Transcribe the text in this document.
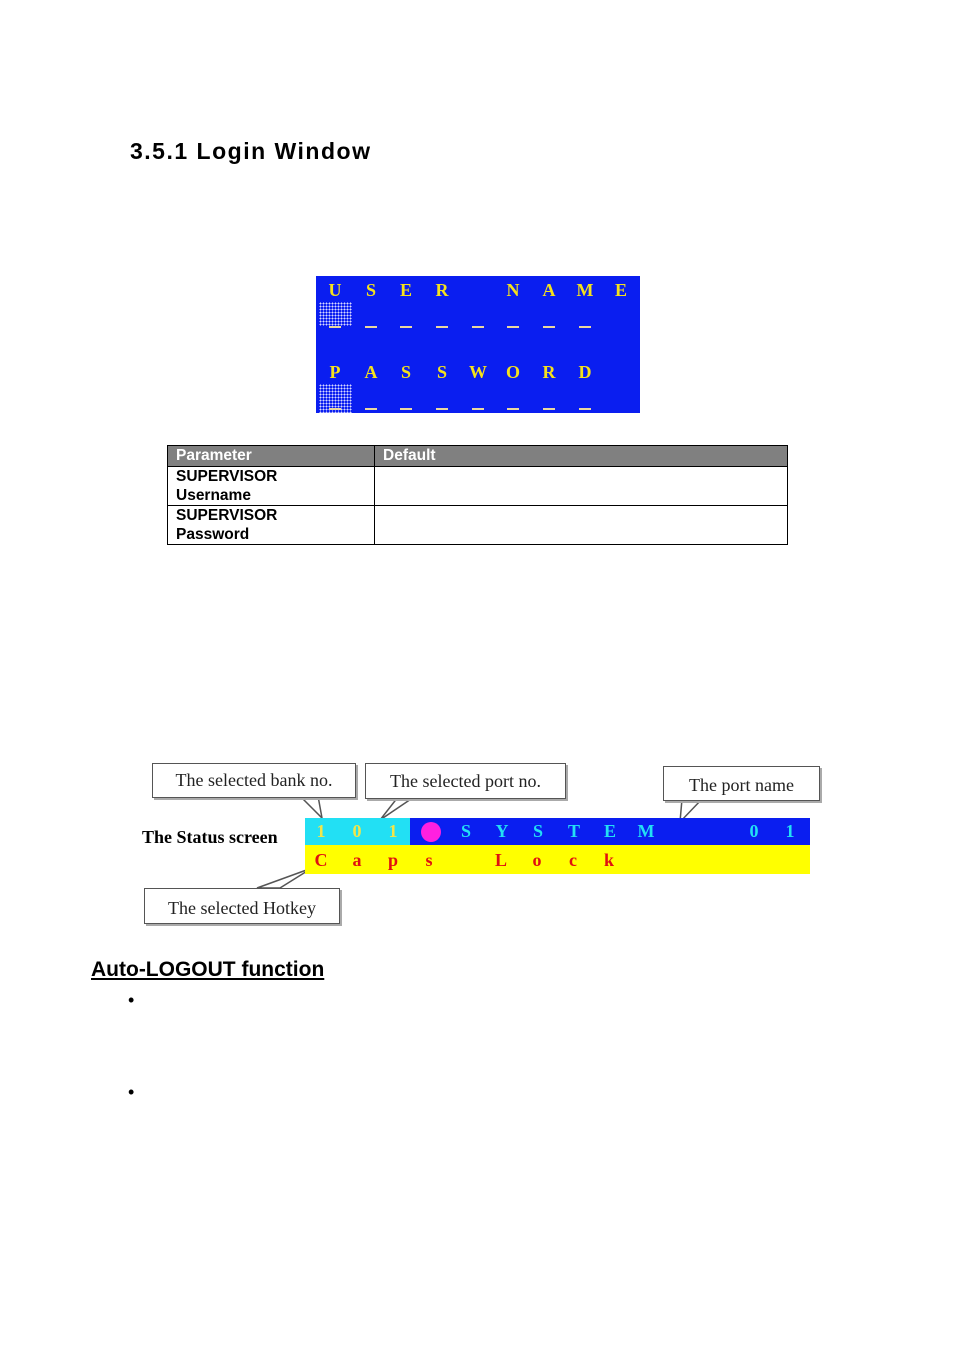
3.5.1 Login Window
U	S	E	R	N	A	M	E
P	A	S	S	W O	R	D
Parameter	Default

SUPERVISOR
Username	

SUPERVISOR
Password	

The selected bank no.	The selected port no.	The port name
The selected Hotkey
The Status screen	1	0	1	S	Y	S	T	E	M	0	1
C	a	p	s	L	o	c	k
Auto-LOGOUT function
•
•
